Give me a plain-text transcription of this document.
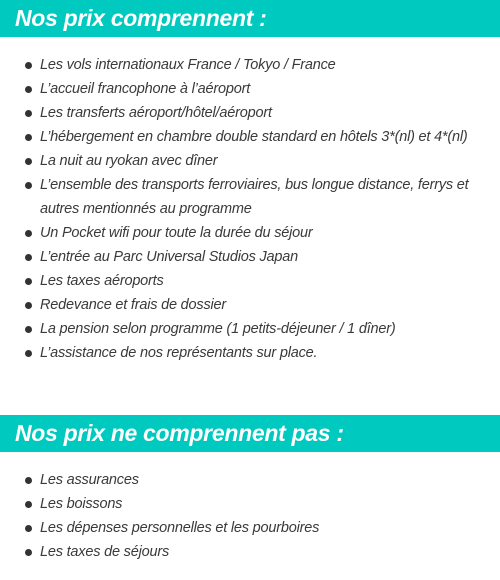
Nos prix comprennent :
Les vols internationaux France / Tokyo / France
L’accueil francophone à l’aéroport
Les transferts aéroport/hôtel/aéroport
L’hébergement en chambre double standard en hôtels 3*(nl) et 4*(nl)
La nuit au ryokan avec dîner
L’ensemble des transports ferroviaires, bus longue distance, ferrys et autres mentionnés au programme
Un Pocket wifi pour toute la durée du séjour
L’entrée au Parc Universal Studios Japan
Les taxes aéroports
Redevance et frais de dossier
La pension selon programme (1 petits-déjeuner / 1 dîner)
L’assistance de nos représentants sur place.
Nos prix ne comprennent pas :
Les assurances
Les boissons
Les dépenses personnelles et les pourboires
Les taxes de séjours
